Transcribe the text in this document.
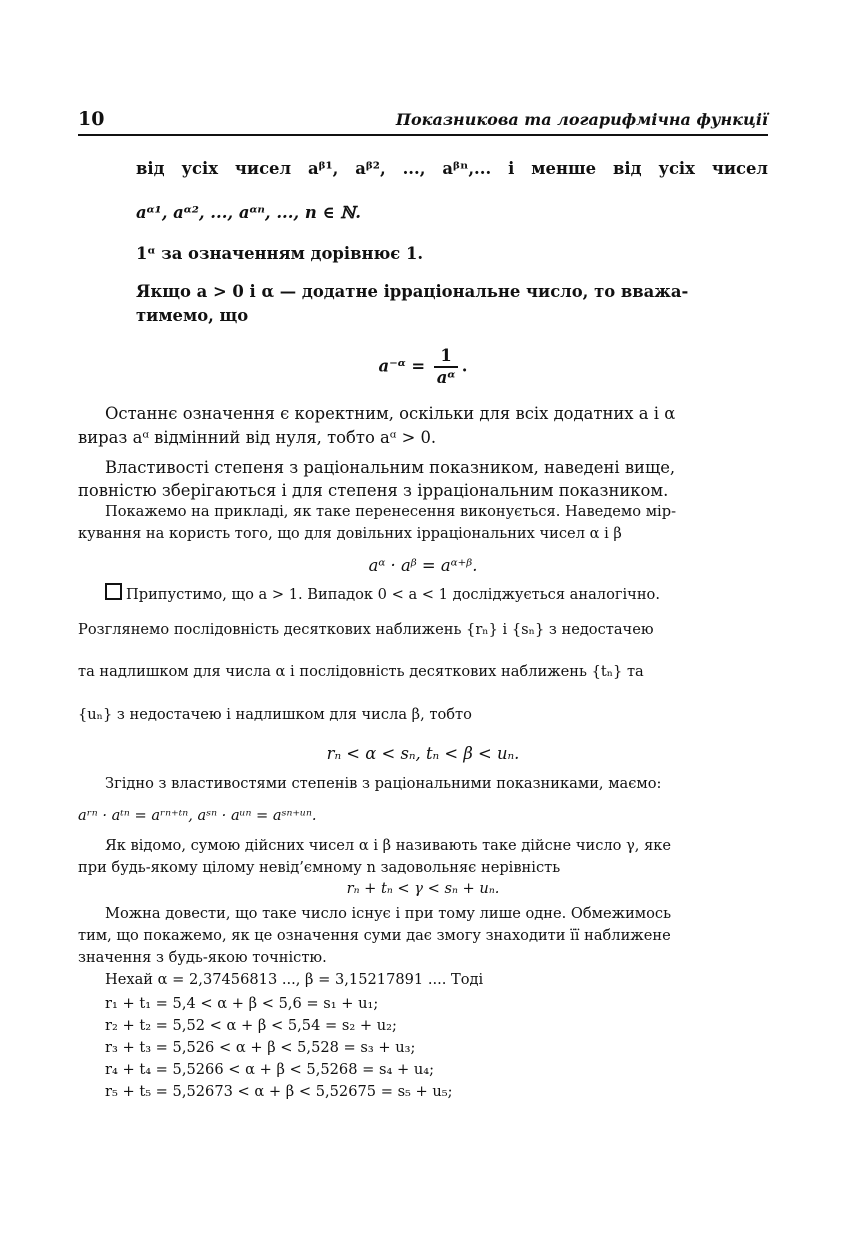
10	Показникова та логарифмічна функції
від усіх чисел aᵝ¹, aᵝ², ..., aᵝⁿ,... і менше від усіх чисел
aᵅ¹, aᵅ², ..., aᵅⁿ, ..., n ∈ ℕ.
1ᵅ за означенням дорівнює 1.
Якщо a > 0 і α — додатне ірраціональне число, то вважа-
тимемо, що
a⁻ᵅ = $\frac{1}{\text{aᵅ}}$ .
Останнє означення є коректним, оскільки для всіх додатних a і α
вираз aᵅ відмінний від нуля, тобто aᵅ > 0.
Властивості степеня з раціональним показником, наведені вище,
повністю зберігаються і для степеня з ірраціональним показником.
Покажемо на прикладі, як таке перенесення виконується. Наведемо мір-
кування на користь того, що для довільних ірраціональних чисел α і β
aᵅ · aᵝ = aᵅ⁺ᵝ.
Припустимо, що a > 1. Випадок 0 < a < 1 досліджується аналогічно.
Розглянемо послідовність десяткових наближень {rₙ} і {sₙ} з недостачею
та надлишком для числа α і послідовність десяткових наближень {tₙ} та
{uₙ} з недостачею і надлишком для числа β, тобто
rₙ < α < sₙ, tₙ < β < uₙ.
Згідно з властивостями степенів з раціональними показниками, маємо:
aʳⁿ · aᵗⁿ = aʳⁿ⁺ᵗⁿ, aˢⁿ · aᵘⁿ = aˢⁿ⁺ᵘⁿ.
Як відомо, сумою дійсних чисел α і β називають таке дійсне число γ, яке
при будь-якому цілому невід’ємному n задовольняє нерівність
rₙ + tₙ < γ < sₙ + uₙ.
Можна довести, що таке число існує і при тому лише одне. Обмежимось
тим, що покажемо, як це означення суми дає змогу знаходити її наближене
значення з будь-якою точністю.
Нехай α = 2,37456813 ..., β = 3,15217891 .... Тоді
r₁ + t₁ = 5,4 < α + β < 5,6 = s₁ + u₁;
r₂ + t₂ = 5,52 < α + β < 5,54 = s₂ + u₂;
r₃ + t₃ = 5,526 < α + β < 5,528 = s₃ + u₃;
r₄ + t₄ = 5,5266 < α + β < 5,5268 = s₄ + u₄;
r₅ + t₅ = 5,52673 < α + β < 5,52675 = s₅ + u₅;
